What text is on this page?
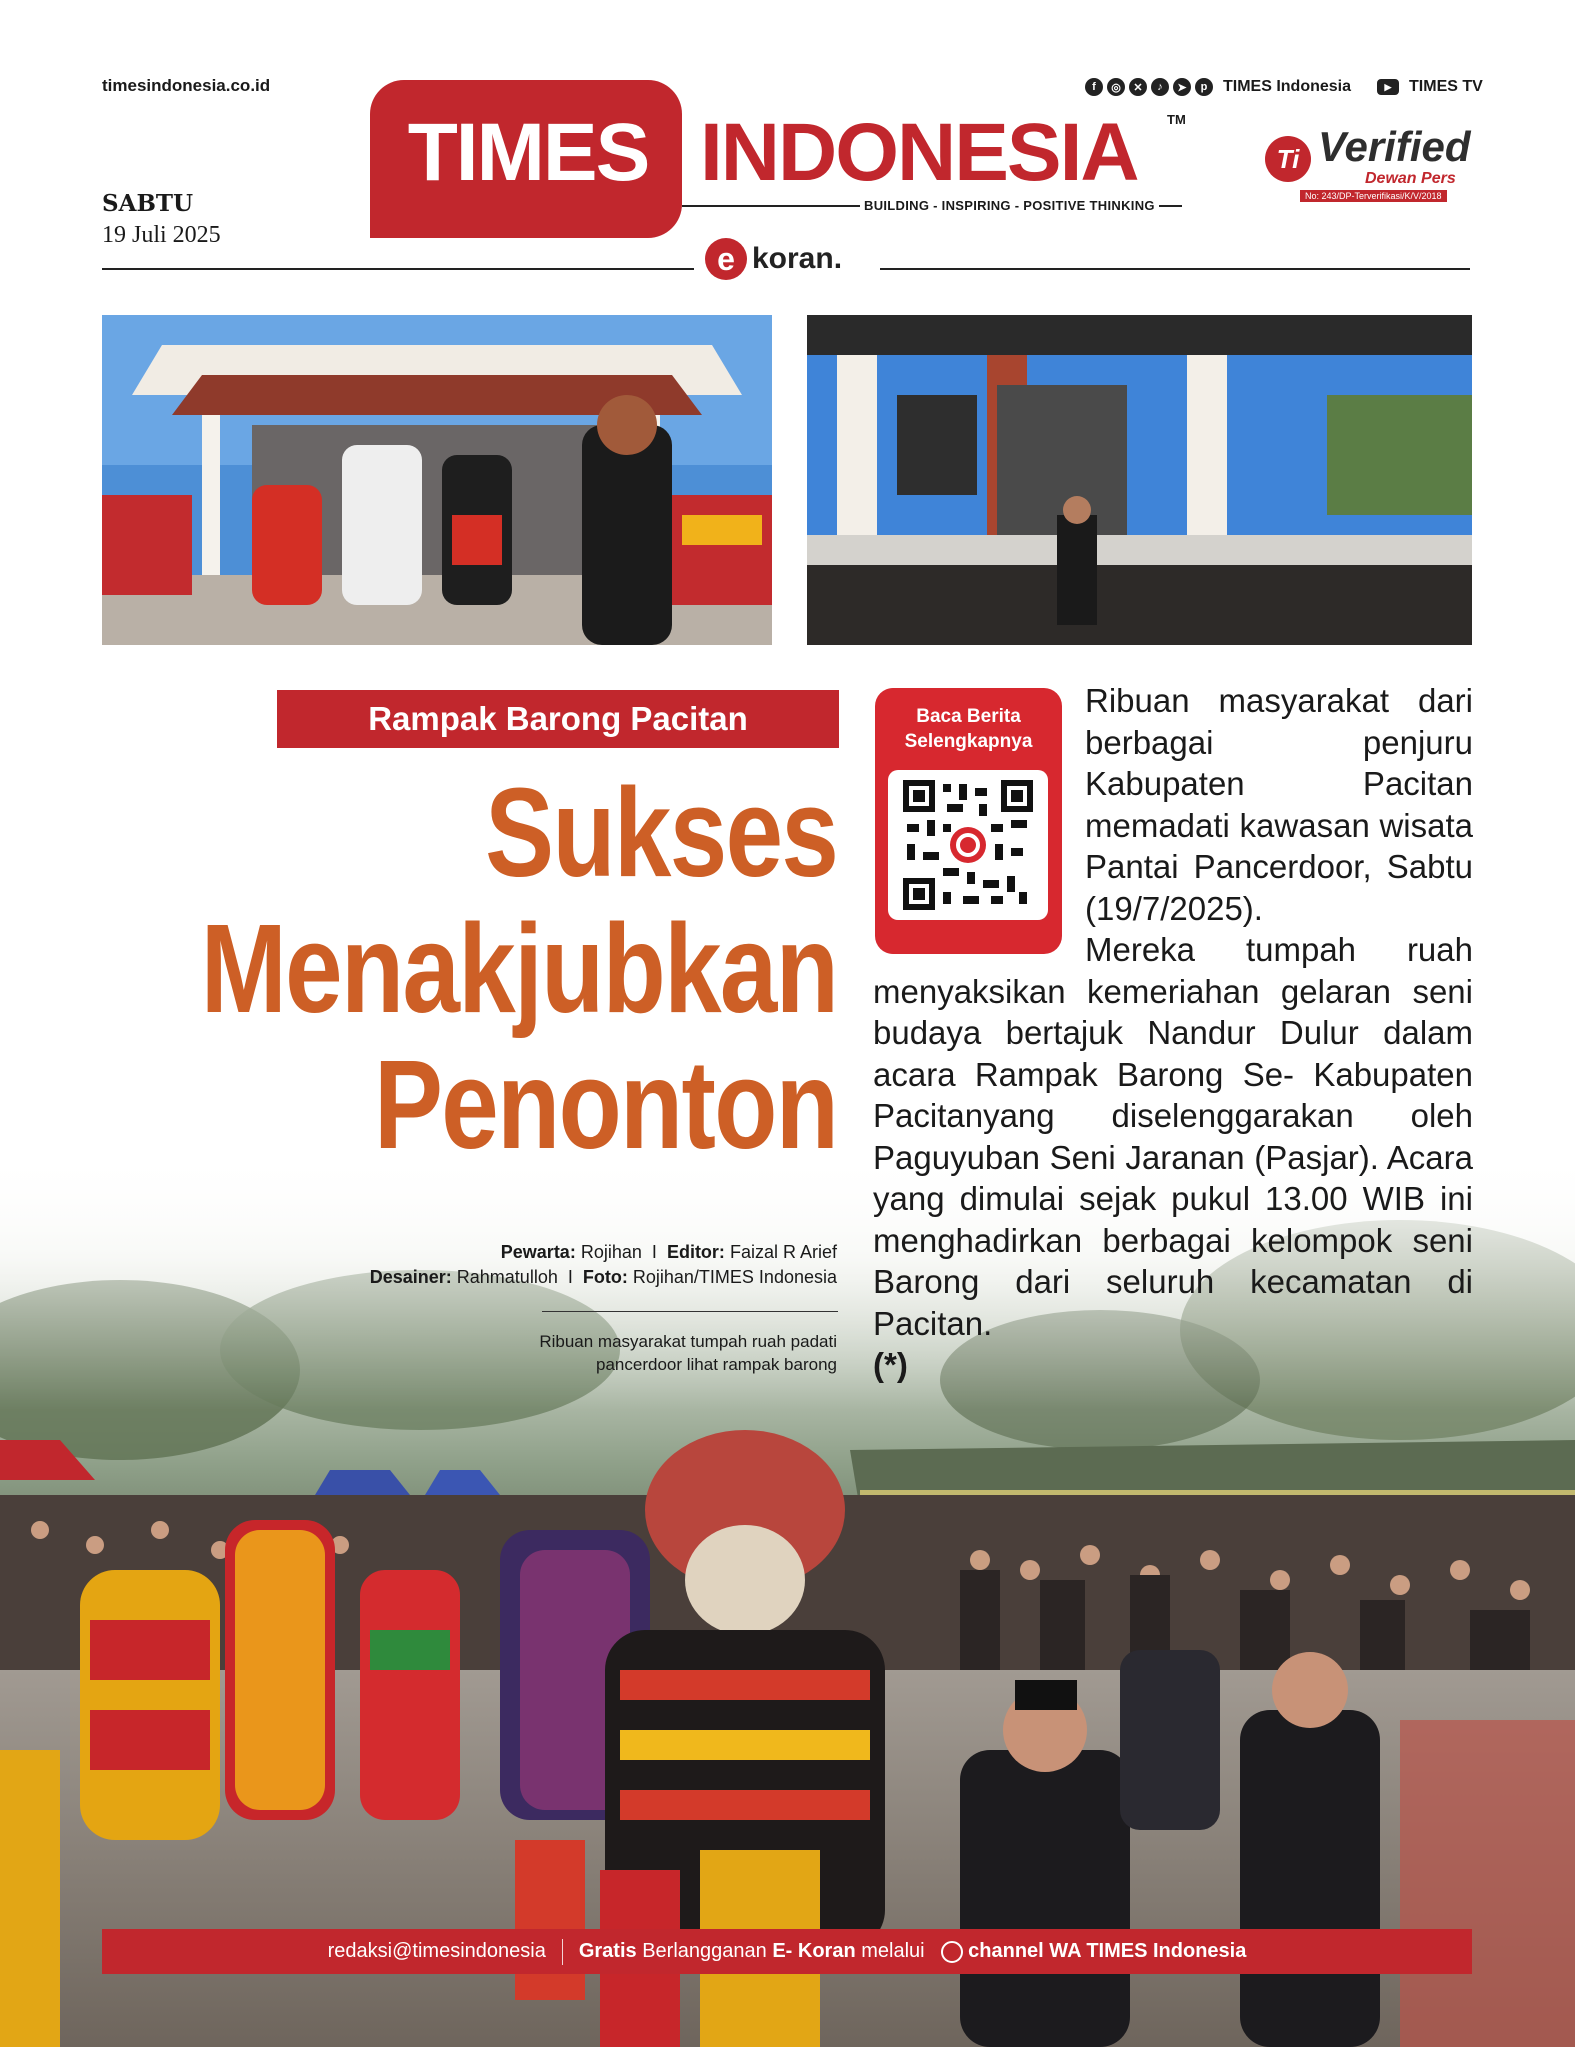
timesindonesia.co.id
SABTU
19 Juli 2025
TIMES INDONESIA TM
BUILDING - INSPIRING - POSITIVE THINKING
f	◎	✕	♪	➤	p TIMES Indonesia	▶	TIMES TV
Ti Verified
Dewan Pers
No: 243/DP-Terverifikasi/K/V/2018
e koran.
Rampak Barong Pacitan
Sukses
Menakjubkan
Penonton
Pewarta: Rojihan I Editor: Faizal R Arief
Desainer: Rahmatulloh I Foto: Rojihan/TIMES Indonesia
Ribuan masyarakat tumpah ruah padati
pancerdoor lihat rampak barong
Baca Berita
Selengkapnya

Ribuan masyarakat dari berbagai penjuru Kabupaten Pacitan memadati kawasan wisata Pantai Pancerdoor, Sabtu (19/7/2025).

Mereka tumpah ruah menyaksikan kemeriahan gelaran seni budaya bertajuk Nandur Dulur dalam acara Rampak Barong Se- Kabupaten Pacitanyang diselenggarakan oleh Paguyuban Seni Jaranan (Pasjar). Acara yang dimulai sejak pukul 13.00 WIB ini menghadirkan berbagai kelompok seni Barong dari seluruh kecamatan di Pacitan.

(*)
redaksi@timesindonesia Gratis Berlangganan E- Koran melalui	channel WA TIMES Indonesia
